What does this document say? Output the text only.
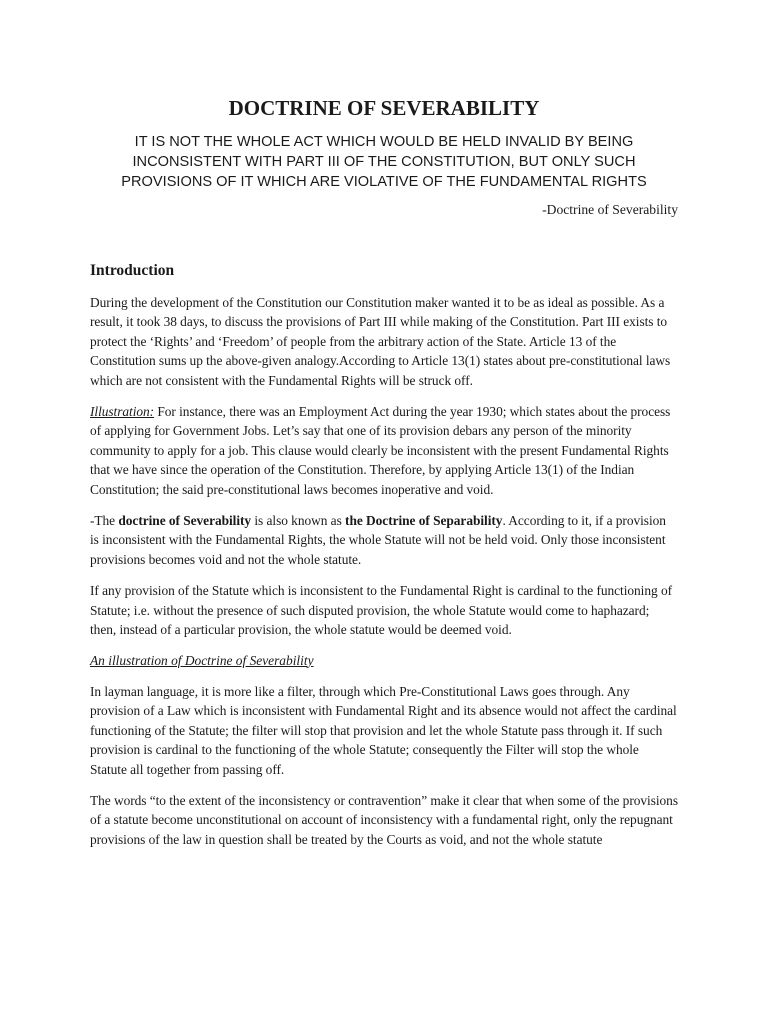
DOCTRINE OF SEVERABILITY

IT IS NOT THE WHOLE ACT WHICH WOULD BE HELD INVALID BY BEING INCONSISTENT WITH PART III OF THE CONSTITUTION, BUT ONLY SUCH PROVISIONS OF IT WHICH ARE VIOLATIVE OF THE FUNDAMENTAL RIGHTS

-Doctrine of Severability

Introduction

During the development of the Constitution our Constitution maker wanted it to be as ideal as possible. As a result, it took 38 days, to discuss the provisions of Part III while making of the Constitution. Part III exists to protect the ‘Rights’ and ‘Freedom’ of people from the arbitrary action of the State. Article 13 of the Constitution sums up the above-given analogy.According to Article 13(1) states about pre-constitutional laws which are not consistent with the Fundamental Rights will be struck off.

Illustration: For instance, there was an Employment Act during the year 1930; which states about the process of applying for Government Jobs. Let’s say that one of its provision debars any person of the minority community to apply for a job. This clause would clearly be inconsistent with the present Fundamental Rights that we have since the operation of the Constitution. Therefore, by applying Article 13(1) of the Indian Constitution; the said pre-constitutional laws becomes inoperative and void.

-The doctrine of Severability is also known as the Doctrine of Separability. According to it, if a provision is inconsistent with the Fundamental Rights, the whole Statute will not be held void. Only those inconsistent provisions becomes void and not the whole statute.

If any provision of the Statute which is inconsistent to the Fundamental Right is cardinal to the functioning of Statute; i.e. without the presence of such disputed provision, the whole Statute would come to haphazard; then, instead of a particular provision, the whole statute would be deemed void.

An illustration of Doctrine of Severability

In layman language, it is more like a filter, through which Pre-Constitutional Laws goes through. Any provision of a Law which is inconsistent with Fundamental Right and its absence would not affect the cardinal functioning of the Statute; the filter will stop that provision and let the whole Statute pass through it. If such provision is cardinal to the functioning of the whole Statute; consequently the Filter will stop the whole Statute all together from passing off.

The words “to the extent of the inconsistency or contravention” make it clear that when some of the provisions of a statute become unconstitutional on account of inconsistency with a fundamental right, only the repugnant provisions of the law in question shall be treated by the Courts as void, and not the whole statute
